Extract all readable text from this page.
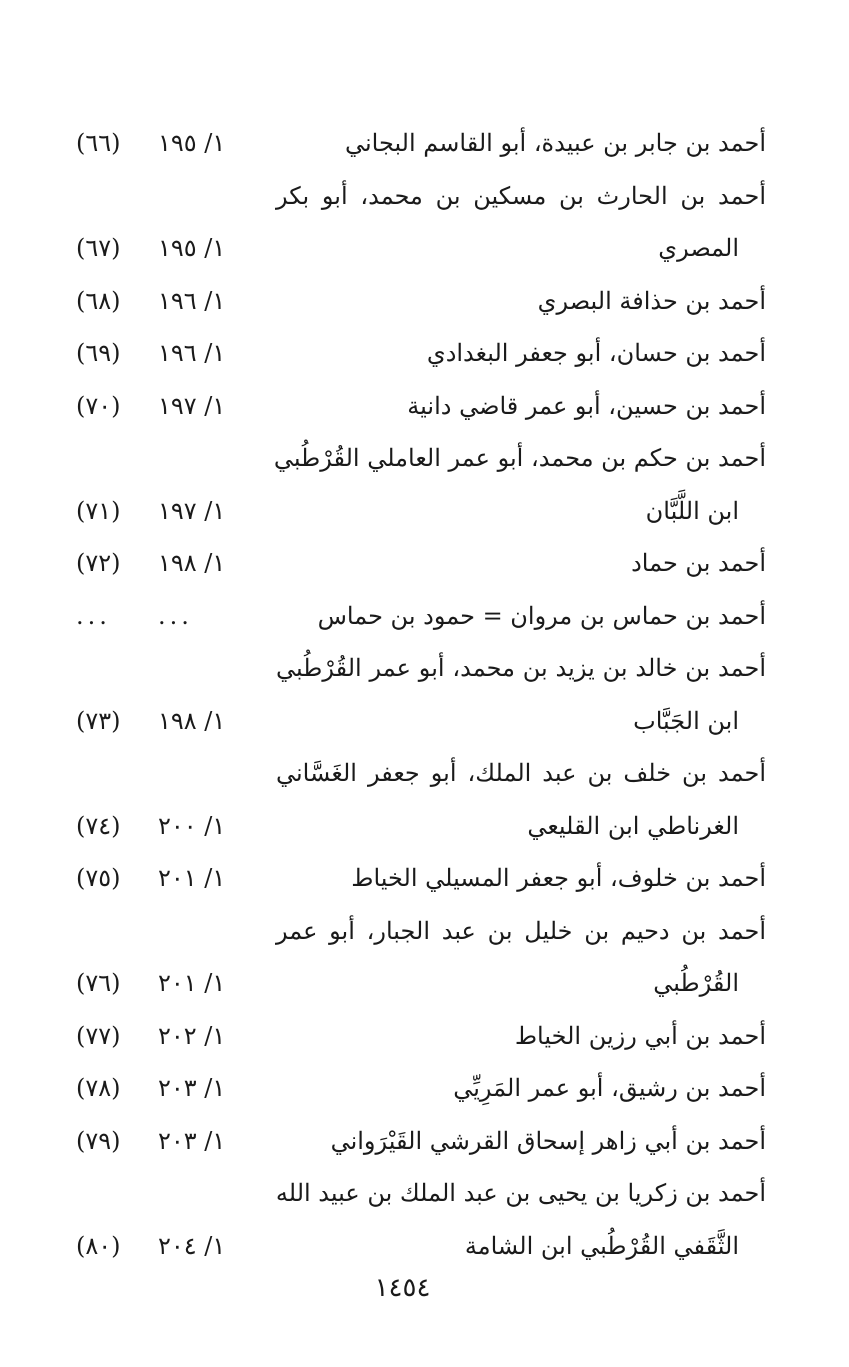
أحمد بن جابر بن عبيدة، أبو القاسم البجاني
١/ ١٩٥
(٦٦)
أحمد بن الحارث بن مسكين بن محمد، أبو بكر
المصري
١/ ١٩٥
(٦٧)
أحمد بن حذافة البصري
١/ ١٩٦
(٦٨)
أحمد بن حسان، أبو جعفر البغدادي
١/ ١٩٦
(٦٩)
أحمد بن حسين، أبو عمر قاضي دانية
١/ ١٩٧
(٧٠)
أحمد بن حكم بن محمد، أبو عمر العاملي القُرْطُبي
ابن اللَّبَّان
١/ ١٩٧
(٧١)
أحمد بن حماد
١/ ١٩٨
(٧٢)
أحمد بن حماس بن مروان = حمود بن حماس
...
...
أحمد بن خالد بن يزيد بن محمد، أبو عمر القُرْطُبي
ابن الجَبَّاب
١/ ١٩٨
(٧٣)
أحمد بن خلف بن عبد الملك، أبو جعفر الغَسَّاني
الغرناطي ابن القليعي
١/ ٢٠٠
(٧٤)
أحمد بن خلوف، أبو جعفر المسيلي الخياط
١/ ٢٠١
(٧٥)
أحمد بن دحيم بن خليل بن عبد الجبار، أبو عمر
القُرْطُبي
١/ ٢٠١
(٧٦)
أحمد بن أبي رزين الخياط
١/ ٢٠٢
(٧٧)
أحمد بن رشيق، أبو عمر المَرِيِّي
١/ ٢٠٣
(٧٨)
أحمد بن أبي زاهر إسحاق القرشي القَيْرَواني
١/ ٢٠٣
(٧٩)
أحمد بن زكريا بن يحيى بن عبد الملك بن عبيد الله
الثَّقَفي القُرْطُبي ابن الشامة
١/ ٢٠٤
(٨٠)
١٤٥٤
